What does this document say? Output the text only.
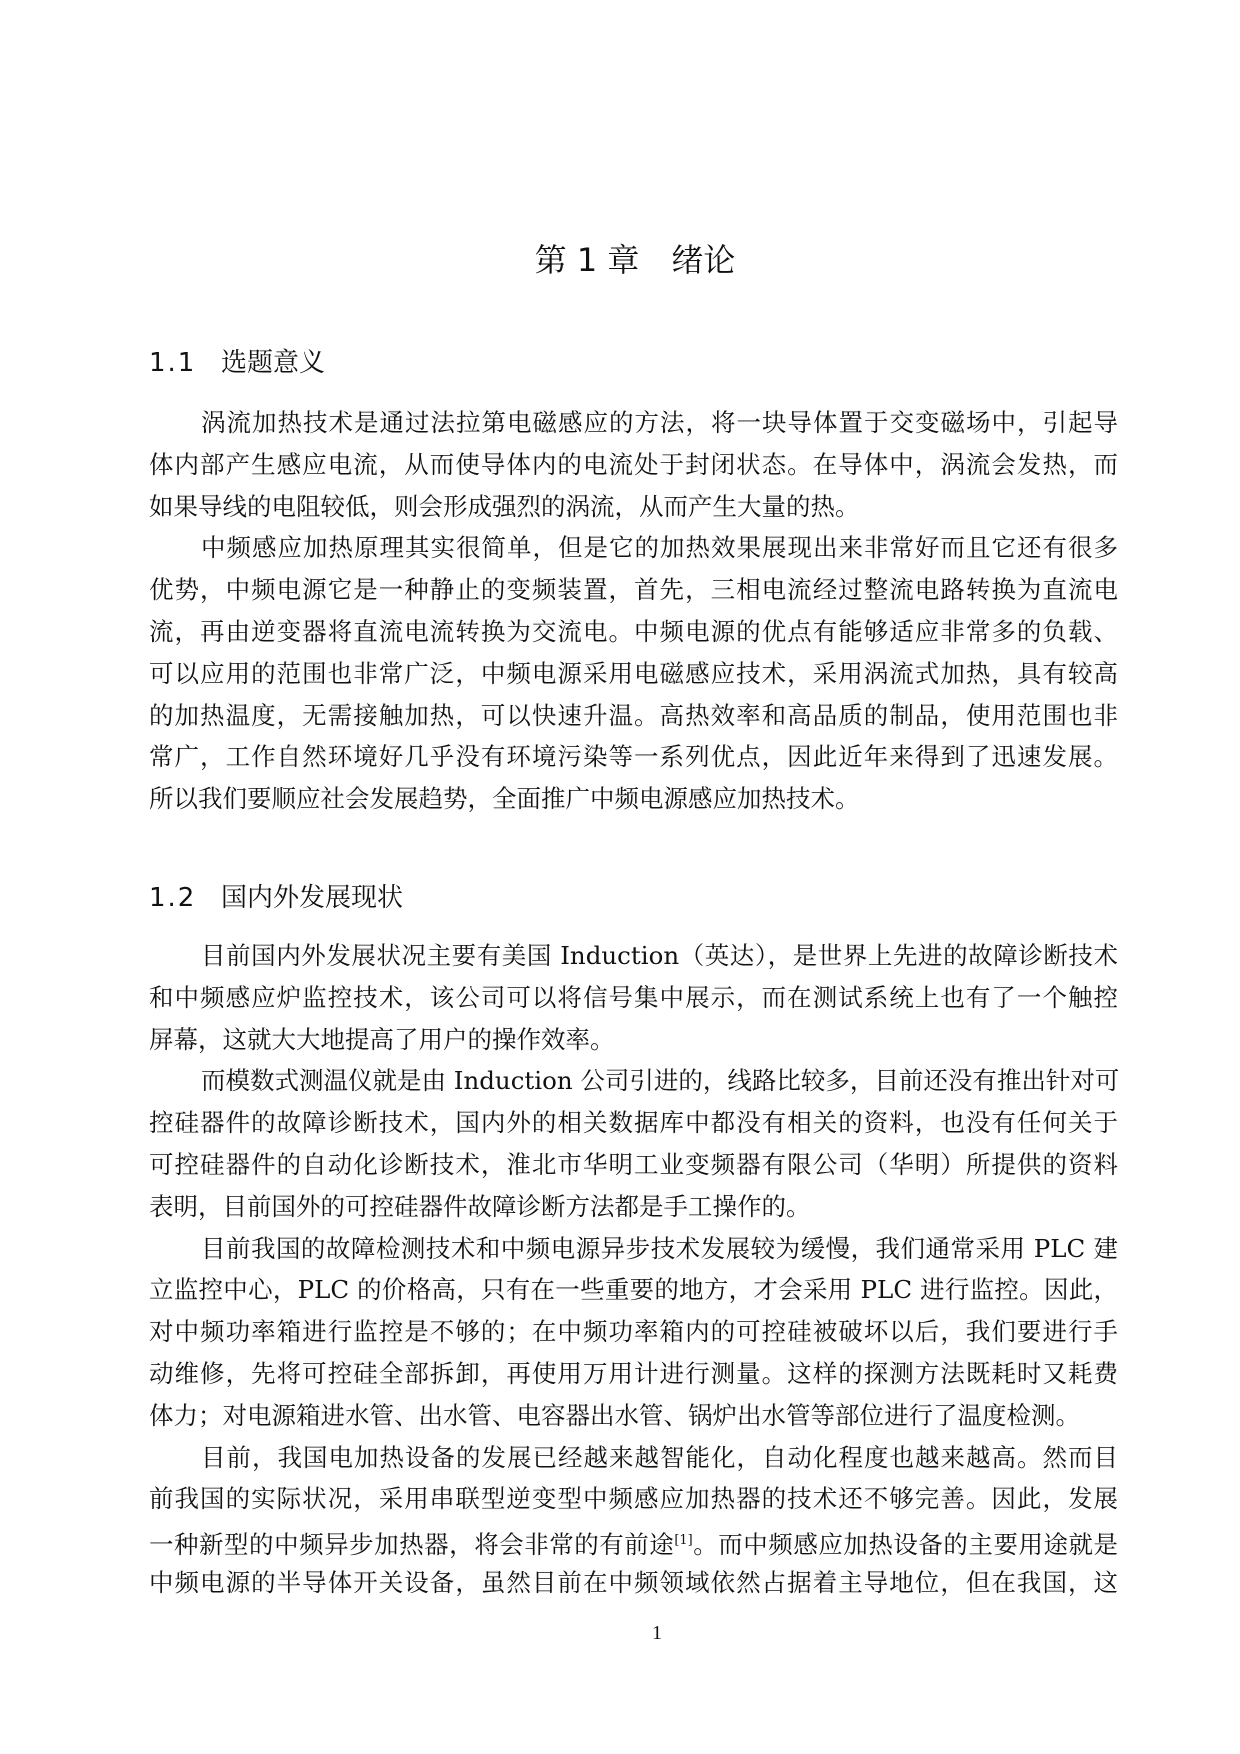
第 1 章　绪论
1.1 选题意义
涡流加热技术是通过法拉第电磁感应的方法，将一块导体置于交变磁场中，引起导
体内部产生感应电流，从而使导体内的电流处于封闭状态。在导体中，涡流会发热，而
如果导线的电阻较低，则会形成强烈的涡流，从而产生大量的热。
中频感应加热原理其实很简单，但是它的加热效果展现出来非常好而且它还有很多
优势，中频电源它是一种静止的变频装置，首先，三相电流经过整流电路转换为直流电
流，再由逆变器将直流电流转换为交流电。中频电源的优点有能够适应非常多的负载、
可以应用的范围也非常广泛，中频电源采用电磁感应技术，采用涡流式加热，具有较高
的加热温度，无需接触加热，可以快速升温。高热效率和高品质的制品，使用范围也非
常广，工作自然环境好几乎没有环境污染等一系列优点，因此近年来得到了迅速发展。
所以我们要顺应社会发展趋势，全面推广中频电源感应加热技术。
1.2 国内外发展现状
目前国内外发展状况主要有美国 Induction（英达），是世界上先进的故障诊断技术
和中频感应炉监控技术，该公司可以将信号集中展示，而在测试系统上也有了一个触控
屏幕，这就大大地提高了用户的操作效率。
而模数式测温仪就是由 Induction 公司引进的，线路比较多，目前还没有推出针对可
控硅器件的故障诊断技术，国内外的相关数据库中都没有相关的资料，也没有任何关于
可控硅器件的自动化诊断技术，淮北市华明工业变频器有限公司（华明）所提供的资料
表明，目前国外的可控硅器件故障诊断方法都是手工操作的。
目前我国的故障检测技术和中频电源异步技术发展较为缓慢，我们通常采用 PLC 建
立监控中心，PLC 的价格高，只有在一些重要的地方，才会采用 PLC 进行监控。因此，
对中频功率箱进行监控是不够的；在中频功率箱内的可控硅被破坏以后，我们要进行手
动维修，先将可控硅全部拆卸，再使用万用计进行测量。这样的探测方法既耗时又耗费
体力；对电源箱进水管、出水管、电容器出水管、锅炉出水管等部位进行了温度检测。
目前，我国电加热设备的发展已经越来越智能化，自动化程度也越来越高。然而目
前我国的实际状况，采用串联型逆变型中频感应加热器的技术还不够完善。因此，发展
一种新型的中频异步加热器，将会非常的有前途[1]。而中频感应加热设备的主要用途就是
中频电源的半导体开关设备，虽然目前在中频领域依然占据着主导地位，但在我国，这
1
